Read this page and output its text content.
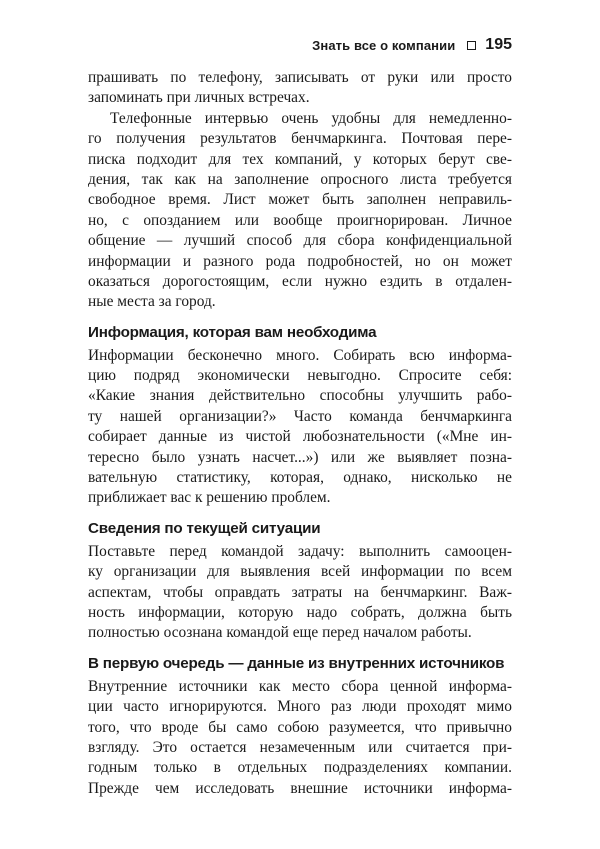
Знать все о компании 195
прашивать по телефону, записывать от руки или просто
запоминать при личных встречах.
Телефонные интервью очень удобны для немедленно-
го получения результатов бенчмаркинга. Почтовая пере-
писка подходит для тех компаний, у которых берут све-
дения, так как на заполнение опросного листа требуется
свободное время. Лист может быть заполнен неправиль-
но, с опозданием или вообще проигнорирован. Личное
общение — лучший способ для сбора конфиденциальной
информации и разного рода подробностей, но он может
оказаться дорогостоящим, если нужно ездить в отдален-
ные места за город.
Информация, которая вам необходима
Информации бесконечно много. Собирать всю информа-
цию подряд экономически невыгодно. Спросите себя:
«Какие знания действительно способны улучшить рабо-
ту нашей организации?» Часто команда бенчмаркинга
собирает данные из чистой любознательности («Мне ин-
тересно было узнать насчет...») или же выявляет позна-
вательную статистику, которая, однако, нисколько не
приближает вас к решению проблем.
Сведения по текущей ситуации
Поставьте перед командой задачу: выполнить самооцен-
ку организации для выявления всей информации по всем
аспектам, чтобы оправдать затраты на бенчмаркинг. Важ-
ность информации, которую надо собрать, должна быть
полностью осознана командой еще перед началом работы.
В первую очередь — данные из внутренних источников
Внутренние источники как место сбора ценной информа-
ции часто игнорируются. Много раз люди проходят мимо
того, что вроде бы само собою разумеется, что привычно
взгляду. Это остается незамеченным или считается при-
годным только в отдельных подразделениях компании.
Прежде чем исследовать внешние источники информа-
